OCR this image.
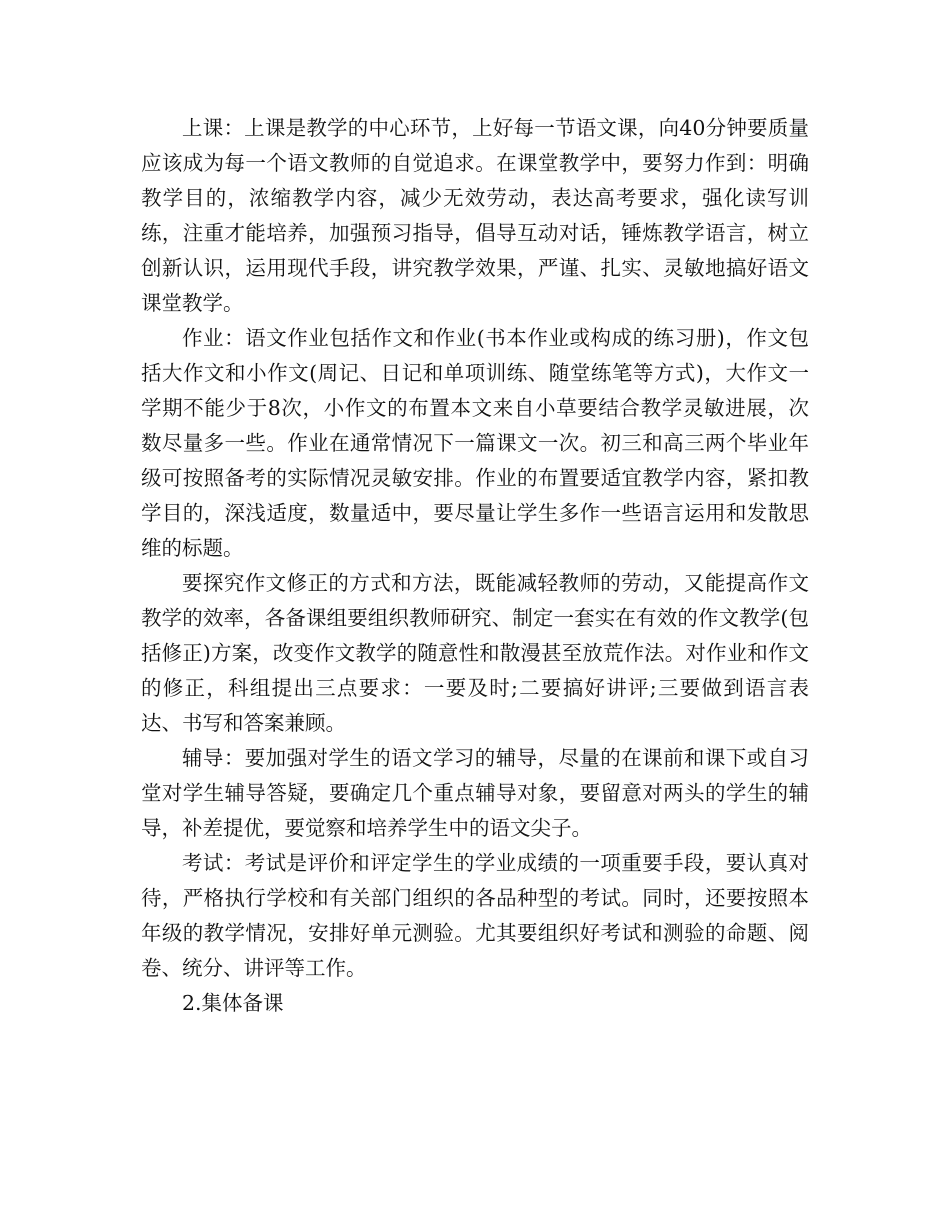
上课：上课是教学的中心环节，上好每一节语文课，向40分钟要质量应该成为每一个语文教师的自觉追求。在课堂教学中，要努力作到：明确教学目的，浓缩教学内容，减少无效劳动，表达高考要求，强化读写训练，注重才能培养，加强预习指导，倡导互动对话，锤炼教学语言，树立创新认识，运用现代手段，讲究教学效果，严谨、扎实、灵敏地搞好语文课堂教学。

作业：语文作业包括作文和作业(书本作业或构成的练习册)，作文包括大作文和小作文(周记、日记和单项训练、随堂练笔等方式)，大作文一学期不能少于8次，小作文的布置本文来自小草要结合教学灵敏进展，次数尽量多一些。作业在通常情况下一篇课文一次。初三和高三两个毕业年级可按照备考的实际情况灵敏安排。作业的布置要适宜教学内容，紧扣教学目的，深浅适度，数量适中，要尽量让学生多作一些语言运用和发散思维的标题。

要探究作文修正的方式和方法，既能减轻教师的劳动，又能提高作文教学的效率，各备课组要组织教师研究、制定一套实在有效的作文教学(包括修正)方案，改变作文教学的随意性和散漫甚至放荒作法。对作业和作文的修正，科组提出三点要求：一要及时;二要搞好讲评;三要做到语言表达、书写和答案兼顾。

辅导：要加强对学生的语文学习的辅导，尽量的在课前和课下或自习堂对学生辅导答疑，要确定几个重点辅导对象，要留意对两头的学生的辅导，补差提优，要觉察和培养学生中的语文尖子。

考试：考试是评价和评定学生的学业成绩的一项重要手段，要认真对待，严格执行学校和有关部门组织的各品种型的考试。同时，还要按照本年级的教学情况，安排好单元测验。尤其要组织好考试和测验的命题、阅卷、统分、讲评等工作。

2.集体备课
